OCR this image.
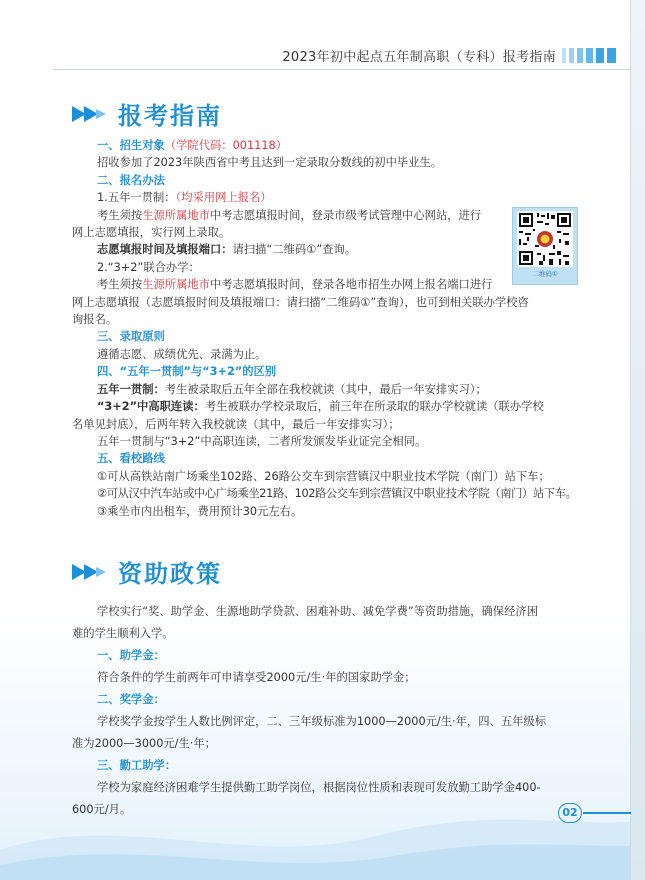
2023年初中起点五年制高职（专科）报考指南
报考指南

一、招生对象（学院代码：001118）

招收参加了2023年陕西省中考且达到一定录取分数线的初中毕业生。

二、报名办法

1.五年一贯制：（均采用网上报名）

考生须按生源所属地市中考志愿填报时间，登录市级考试管理中心网站，进行

网上志愿填报，实行网上录取。

志愿填报时间及填报端口：请扫描“二维码①”查询。

2.“3+2”联合办学：

考生须按生源所属地市中考志愿填报时间，登录各地市招生办网上报名端口进行

网上志愿填报（志愿填报时间及填报端口：请扫描“二维码①”查询），也可到相关联办学校咨

询报名。

三、录取原则

遵循志愿、成绩优先、录满为止。

四、“五年一贯制”与“3+2”的区别

五年一贯制：考生被录取后五年全部在我校就读（其中，最后一年安排实习）；

“3+2”中高职连读：考生被联办学校录取后，前三年在所录取的联办学校就读（联办学校

名单见封底），后两年转入我校就读（其中，最后一年安排实习）；

五年一贯制与“3+2”中高职连读，二者所发颁发毕业证完全相同。

五、看校路线

①可从高铁站南广场乘坐102路、26路公交车到宗营镇汉中职业技术学院（南门）站下车；

②可从汉中汽车站或中心广场乘坐21路、102路公交车到宗营镇汉中职业技术学院（南门）站下车。

③乘坐市内出租车，费用预计30元左右。

二维码①
资助政策

学校实行“奖、助学金、生源地助学贷款、困难补助、减免学费”等资助措施，确保经济困

难的学生顺利入学。

一、助学金：

符合条件的学生前两年可申请享受2000元/生·年的国家助学金；

二、奖学金：

学校奖学金按学生人数比例评定，二、三年级标准为1000—2000元/生·年，四、五年级标

准为2000—3000元/生·年；

三、勤工助学：

学校为家庭经济困难学生提供勤工助学岗位，根据岗位性质和表现可发放勤工助学金400-

600元/月。	02
